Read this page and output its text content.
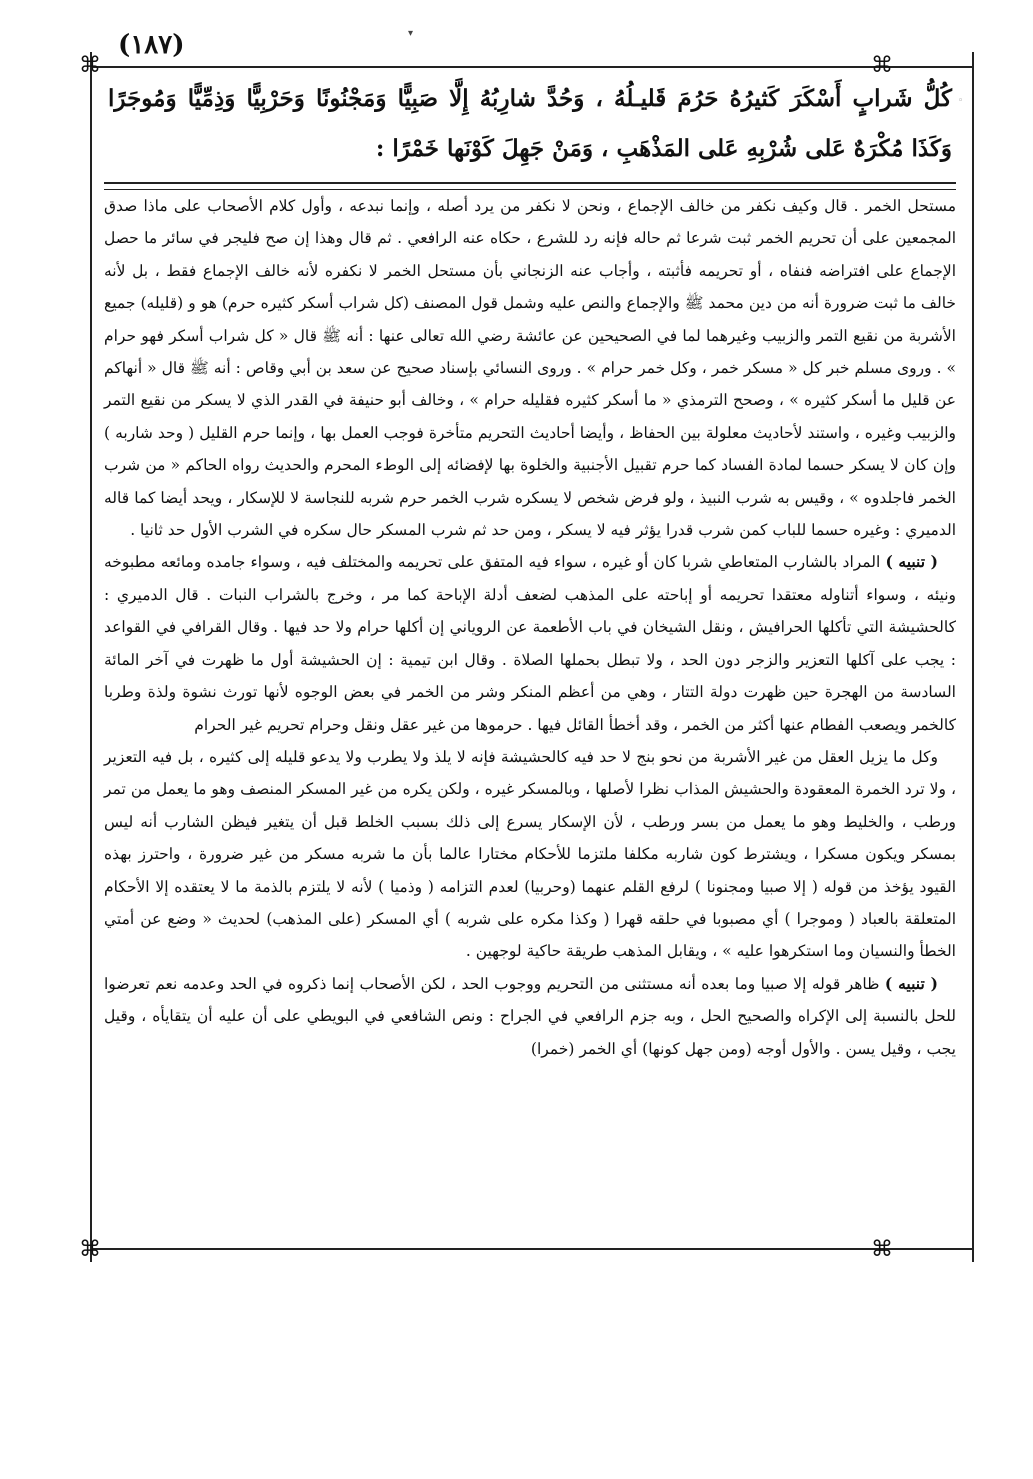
▾
◦
(١٨٧)
⌘	⌘
⌘	⌘
كُلُّ شَرابٍ أَسْكَرَ كَثيرُهُ حَرُمَ قَليـلُهُ ، وَحُدَّ شارِبُهُ إِلَّا صَبِيًّا وَمَجْنُونًا وَحَرْبِيًّا وَذِمِّيًّا وَمُوجَرًا وَكَذَا مُكْرَهٌ عَلى شُرْبِهِ عَلى المَذْهَبِ ، وَمَنْ جَهِلَ كَوْنَها خَمْرًا :

مستحل الخمر . قال وكيف نكفر من خالف الإجماع ، ونحن لا نكفر من يرد أصله ، وإنما نبدعه ، وأول كلام الأصحاب على ماذا صدق المجمعين على أن تحريم الخمر ثبت شرعا ثم حاله فإنه رد للشرع ، حكاه عنه الرافعي . ثم قال وهذا إن صح فليجر في سائر ما حصل الإجماع على افتراضه فنفاه ، أو تحريمه فأثبته ، وأجاب عنه الزنجاني بأن مستحل الخمر لا نكفره لأنه خالف الإجماع فقط ، بل لأنه خالف ما ثبت ضرورة أنه من دين محمد ﷺ والإجماع والنص عليه وشمل قول المصنف (كل شراب أسكر كثيره حرم) هو و (قليله) جميع الأشربة من نقيع التمر والزبيب وغيرهما لما في الصحيحين عن عائشة رضي الله تعالى عنها : أنه ﷺ قال « كل شراب أسكر فهو حرام » . وروى مسلم خبر كل « مسكر خمر ، وكل خمر حرام » . وروى النسائي بإسناد صحيح عن سعد بن أبي وقاص : أنه ﷺ قال « أنهاكم عن قليل ما أسكر كثيره » ، وصحح الترمذي « ما أسكر كثيره فقليله حرام » ، وخالف أبو حنيفة في القدر الذي لا يسكر من نقيع التمر والزبيب وغيره ، واستند لأحاديث معلولة بين الحفاظ ، وأيضا أحاديث التحريم متأخرة فوجب العمل بها ، وإنما حرم القليل ( وحد شاربه ) وإن كان لا يسكر حسما لمادة الفساد كما حرم تقبيل الأجنبية والخلوة بها لإفضائه إلى الوطء المحرم والحديث رواه الحاكم « من شرب الخمر فاجلدوه » ، وقيس به شرب النبيذ ، ولو فرض شخص لا يسكره شرب الخمر حرم شربه للنجاسة لا للإسكار ، ويحد أيضا كما قاله الدميري : وغيره حسما للباب كمن شرب قدرا يؤثر فيه لا يسكر ، ومن حد ثم شرب المسكر حال سكره في الشرب الأول حد ثانيا .

( تنبيه ) المراد بالشارب المتعاطي شربا كان أو غيره ، سواء فيه المتفق على تحريمه والمختلف فيه ، وسواء جامده ومائعه مطبوخه ونيئه ، وسواء أتناوله معتقدا تحريمه أو إباحته على المذهب لضعف أدلة الإباحة كما مر ، وخرج بالشراب النبات . قال الدميري : كالحشيشة التي تأكلها الحرافيش ، ونقل الشيخان في باب الأطعمة عن الروياني إن أكلها حرام ولا حد فيها . وقال القرافي في القواعد : يجب على آكلها التعزير والزجر دون الحد ، ولا تبطل بحملها الصلاة . وقال ابن تيمية : إن الحشيشة أول ما ظهرت في آخر المائة السادسة من الهجرة حين ظهرت دولة التتار ، وهي من أعظم المنكر وشر من الخمر في بعض الوجوه لأنها تورث نشوة ولذة وطربا كالخمر ويصعب الفطام عنها أكثر من الخمر ، وقد أخطأ القائل فيها . حرموها من غير عقل ونقل وحرام تحريم غير الحرام

وكل ما يزيل العقل من غير الأشربة من نحو بنج لا حد فيه كالحشيشة فإنه لا يلذ ولا يطرب ولا يدعو قليله إلى كثيره ، بل فيه التعزير ، ولا ترد الخمرة المعقودة والحشيش المذاب نظرا لأصلها ، وبالمسكر غيره ، ولكن يكره من غير المسكر المنصف وهو ما يعمل من تمر ورطب ، والخليط وهو ما يعمل من بسر ورطب ، لأن الإسكار يسرع إلى ذلك بسبب الخلط قبل أن يتغير فيظن الشارب أنه ليس بمسكر ويكون مسكرا ، ويشترط كون شاربه مكلفا ملتزما للأحكام مختارا عالما بأن ما شربه مسكر من غير ضرورة ، واحترز بهذه القيود يؤخذ من قوله ( إلا صبيا ومجنونا ) لرفع القلم عنهما (وحربيا) لعدم التزامه ( وذميا ) لأنه لا يلتزم بالذمة ما لا يعتقده إلا الأحكام المتعلقة بالعباد ( وموجرا ) أي مصبوبا في حلقه قهرا ( وكذا مكره على شربه ) أي المسكر (على المذهب) لحديث « وضع عن أمتي الخطأ والنسيان وما استكرهوا عليه » ، ويقابل المذهب طريقة حاكية لوجهين .

( تنبيه ) ظاهر قوله إلا صبيا وما بعده أنه مستثنى من التحريم ووجوب الحد ، لكن الأصحاب إنما ذكروه في الحد وعدمه نعم تعرضوا للحل بالنسبة إلى الإكراه والصحيح الحل ، وبه جزم الرافعي في الجراح : ونص الشافعي في البويطي على أن عليه أن يتقايأه ، وقيل يجب ، وقيل يسن . والأول أوجه (ومن جهل كونها) أي الخمر (خمرا)
